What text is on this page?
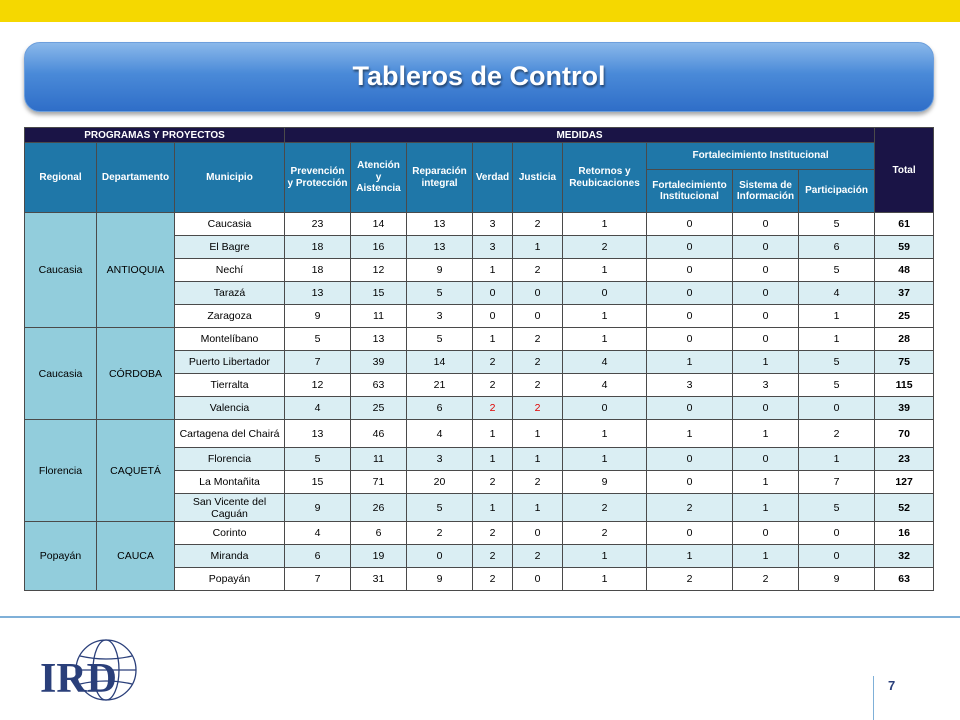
Tableros de Control
PROGRAMAS Y PROYECTOS			MEDIDAS									Total
Regional	Departamento	Municipio	Prevención y Protección	Atención y Aistencia	Reparación integral	Verdad	Justicia	Retornos y Reubicaciones	Fortalecimiento Institucional			
									Fortalecimiento Institucional	Sistema de Información	Participación	
Caucasia	ANTIOQUIA	Caucasia	23	14	13	3	2	1	0	0	5	61
		El Bagre	18	16	13	3	1	2	0	0	6	59
		Nechí	18	12	9	1	2	1	0	0	5	48
		Tarazá	13	15	5	0	0	0	0	0	4	37
		Zaragoza	9	11	3	0	0	1	0	0	1	25
Caucasia	CÓRDOBA	Montelíbano	5	13	5	1	2	1	0	0	1	28
		Puerto Libertador	7	39	14	2	2	4	1	1	5	75
		Tierralta	12	63	21	2	2	4	3	3	5	115
		Valencia	4	25	6	2	2	0	0	0	0	39
Florencia	CAQUETÁ	Cartagena del Chairá	13	46	4	1	1	1	1	1	2	70
		Florencia	5	11	3	1	1	1	0	0	1	23
		La Montañita	15	71	20	2	2	9	0	1	7	127
		San Vicente del Caguán	9	26	5	1	1	2	2	1	5	52
Popayán	CAUCA	Corinto	4	6	2	2	0	2	0	0	0	16
		Miranda	6	19	0	2	2	1	1	1	0	32
		Popayán	7	31	9	2	0	1	2	2	9	63
IRD	7
